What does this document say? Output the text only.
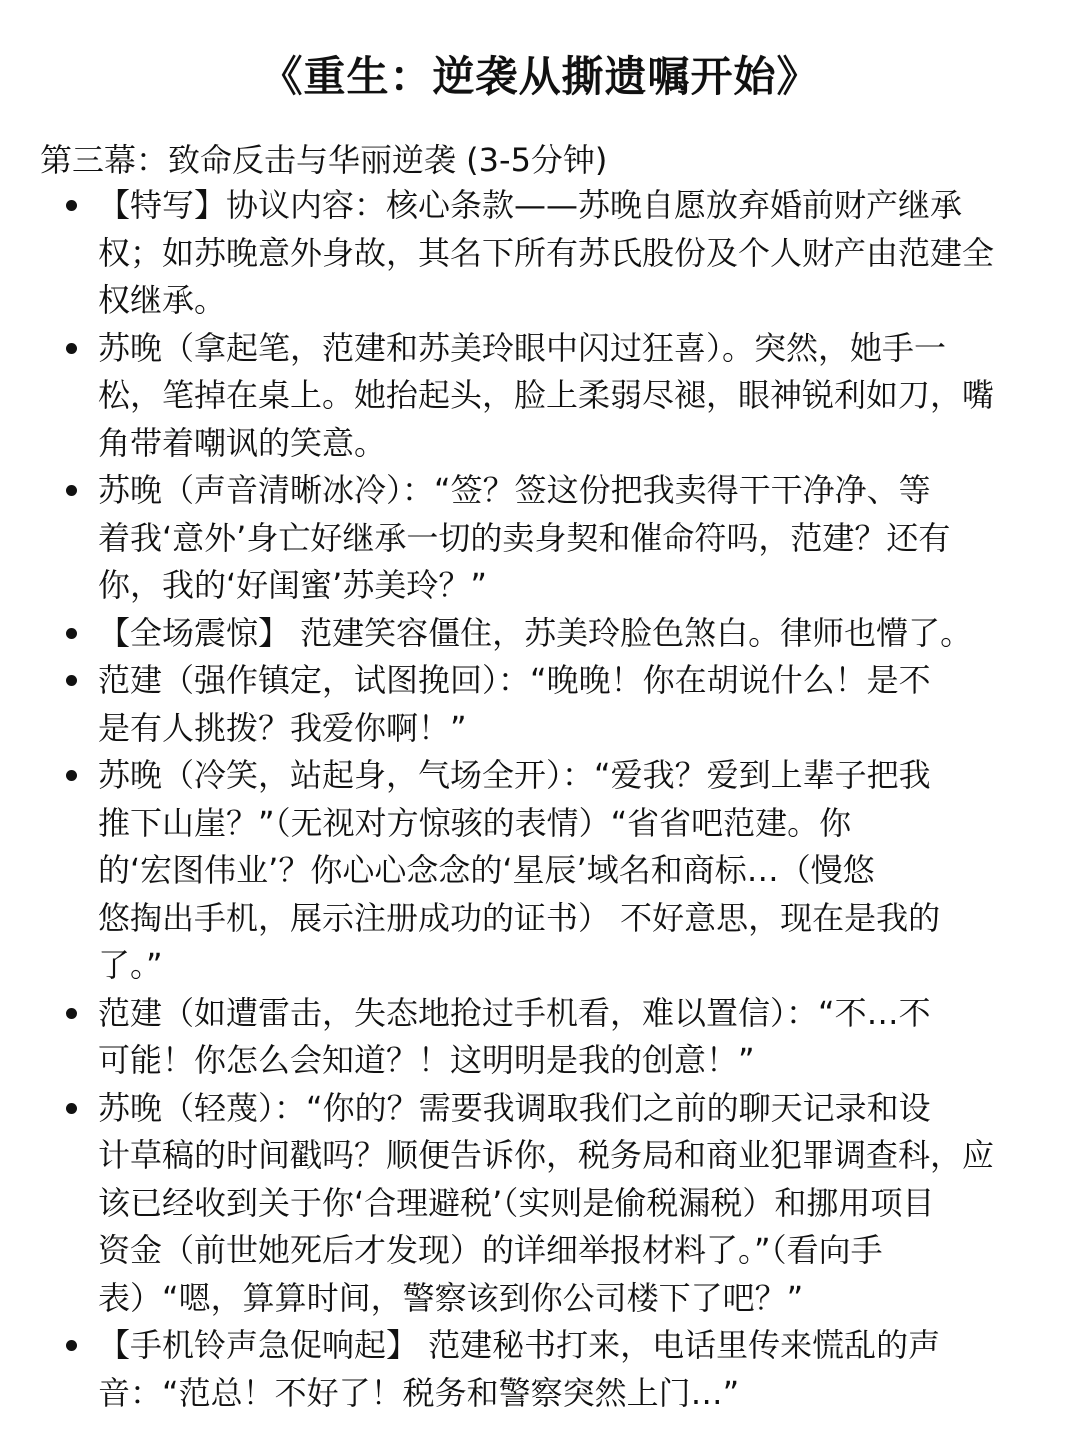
《重生：逆袭从撕遗嘱开始》
第三幕：致命反击与华丽逆袭 (3-5分钟)
【特写】协议内容：核心条款——苏晚自愿放弃婚前财产继承
权；如苏晚意外身故，其名下所有苏氏股份及个人财产由范建全
权继承。
苏晚（拿起笔，范建和苏美玲眼中闪过狂喜）。突然，她手一
松，笔掉在桌上。她抬起头，脸上柔弱尽褪，眼神锐利如刀，嘴
角带着嘲讽的笑意。
苏晚（声音清晰冰冷）：“签？签这份把我卖得干干净净、等
着我‘意外’身亡好继承一切的卖身契和催命符吗，范建？还有
你，我的‘好闺蜜’苏美玲？”
【全场震惊】 范建笑容僵住，苏美玲脸色煞白。律师也懵了。
范建（强作镇定，试图挽回）：“晚晚！你在胡说什么！是不
是有人挑拨？我爱你啊！”
苏晚（冷笑，站起身，气场全开）：“爱我？爱到上辈子把我
推下山崖？”（无视对方惊骇的表情）“省省吧范建。你
的‘宏图伟业’？你心心念念的‘星辰’域名和商标…（慢悠
悠掏出手机，展示注册成功的证书） 不好意思，现在是我的
了。”
范建（如遭雷击，失态地抢过手机看，难以置信）：“不…不
可能！你怎么会知道？！这明明是我的创意！”
苏晚（轻蔑）：“你的？需要我调取我们之前的聊天记录和设
计草稿的时间戳吗？顺便告诉你，税务局和商业犯罪调查科，应
该已经收到关于你‘合理避税’（实则是偷税漏税）和挪用项目
资金（前世她死后才发现）的详细举报材料了。”（看向手
表）“嗯，算算时间，警察该到你公司楼下了吧？”
【手机铃声急促响起】 范建秘书打来，电话里传来慌乱的声
音：“范总！不好了！税务和警察突然上门…”
